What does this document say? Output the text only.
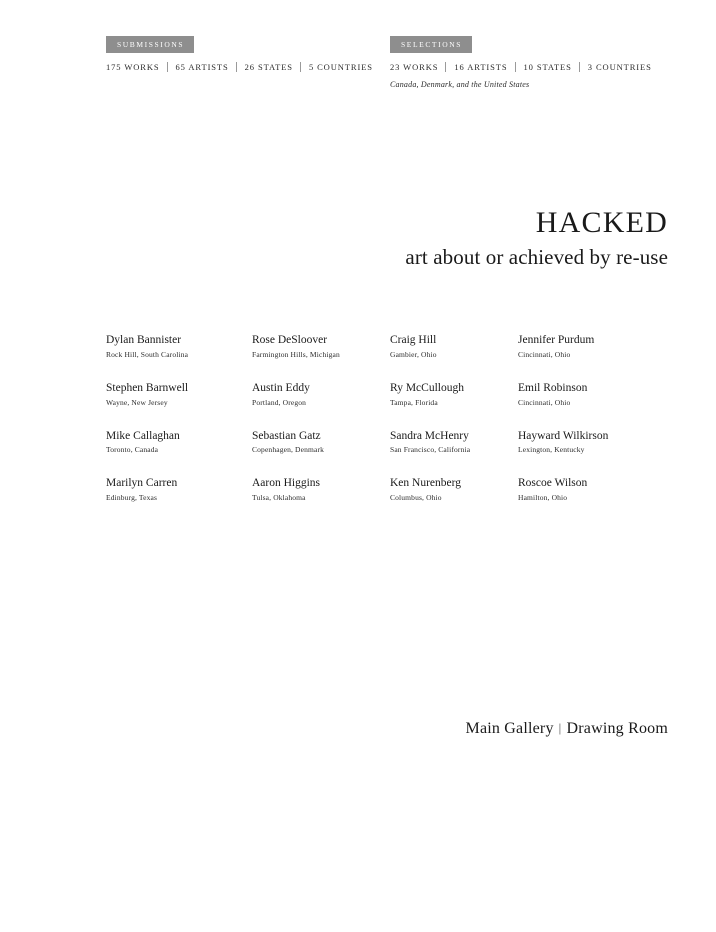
SUBMISSIONS
175 WORKS	65 ARTISTS	26 STATES	5 COUNTRIES
SELECTIONS
23 WORKS	16 ARTISTS	10 STATES	3 COUNTRIES
Canada, Denmark, and the United States
HACKED
art about or achieved by re-use
Dylan Bannister
Rock Hill, South Carolina
Rose DeSloover
Farmington Hills, Michigan
Craig Hill
Gambier, Ohio
Jennifer Purdum
Cincinnati, Ohio
Stephen Barnwell
Wayne, New Jersey
Austin Eddy
Portland, Oregon
Ry McCullough
Tampa, Florida
Emil Robinson
Cincinnati, Ohio
Mike Callaghan
Toronto, Canada
Sebastian Gatz
Copenhagen, Denmark
Sandra McHenry
San Francisco, California
Hayward Wilkirson
Lexington, Kentucky
Marilyn Carren
Edinburg, Texas
Aaron Higgins
Tulsa, Oklahoma
Ken Nurenberg
Columbus, Ohio
Roscoe Wilson
Hamilton, Ohio
Main Gallery | Drawing Room
